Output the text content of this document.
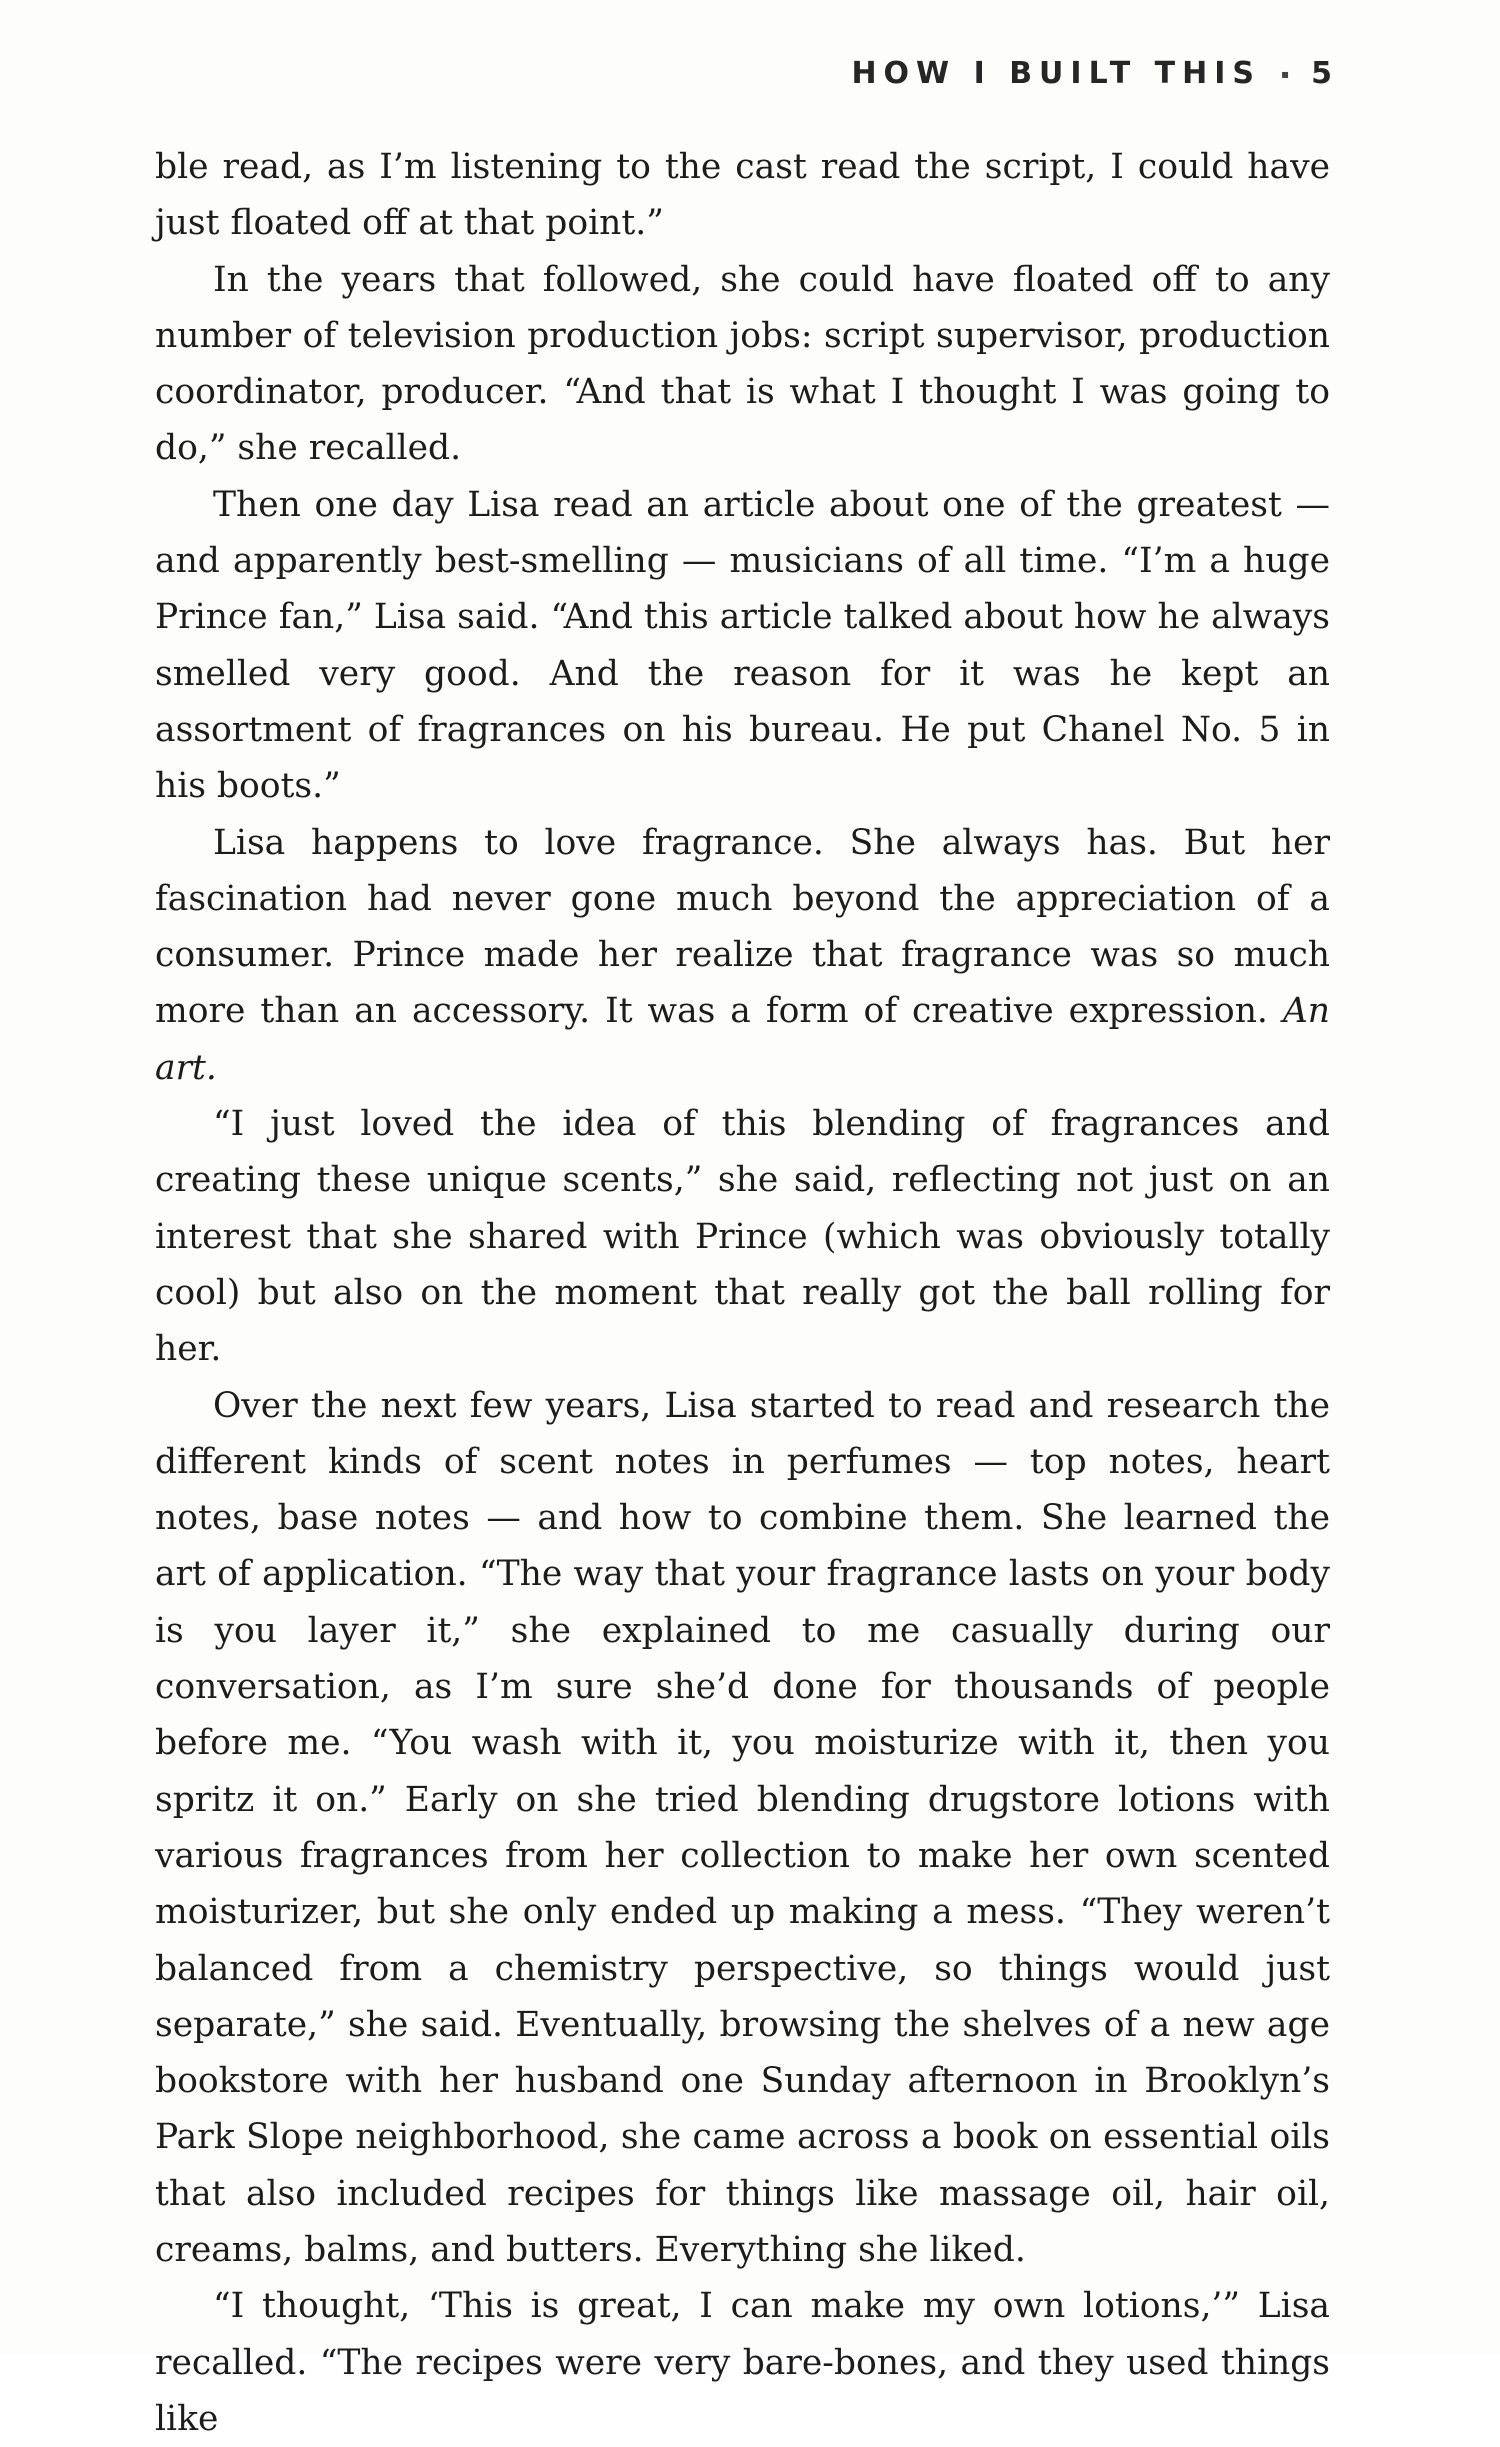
HOW I BUILT THIS ▪ 5

ble read, as I’m listening to the cast read the script, I could have just floated off at that point.”

In the years that followed, she could have floated off to any number of television production jobs: script supervisor, production coordinator, producer. “And that is what I thought I was going to do,” she recalled.

Then one day Lisa read an article about one of the greatest — and apparently best-smelling — musicians of all time. “I’m a huge Prince fan,” Lisa said. “And this article talked about how he always smelled very good. And the reason for it was he kept an assortment of fragrances on his bureau. He put Chanel No. 5 in his boots.”

Lisa happens to love fragrance. She always has. But her fascination had never gone much beyond the appreciation of a consumer. Prince made her realize that fragrance was so much more than an accessory. It was a form of creative expression. An art.

“I just loved the idea of this blending of fragrances and creating these unique scents,” she said, reflecting not just on an interest that she shared with Prince (which was obviously totally cool) but also on the moment that really got the ball rolling for her.

Over the next few years, Lisa started to read and research the different kinds of scent notes in perfumes — top notes, heart notes, base notes — and how to combine them. She learned the art of application. “The way that your fragrance lasts on your body is you layer it,” she explained to me casually during our conversation, as I’m sure she’d done for thousands of people before me. “You wash with it, you moisturize with it, then you spritz it on.” Early on she tried blending drugstore lotions with various fragrances from her collection to make her own scented moisturizer, but she only ended up making a mess. “They weren’t balanced from a chemistry perspective, so things would just separate,” she said. Eventually, browsing the shelves of a new age bookstore with her husband one Sunday afternoon in Brooklyn’s Park Slope neighborhood, she came across a book on essential oils that also included recipes for things like massage oil, hair oil, creams, balms, and butters. Everything she liked.

“I thought, ‘This is great, I can make my own lotions,’” Lisa recalled. “The recipes were very bare-bones, and they used things like
